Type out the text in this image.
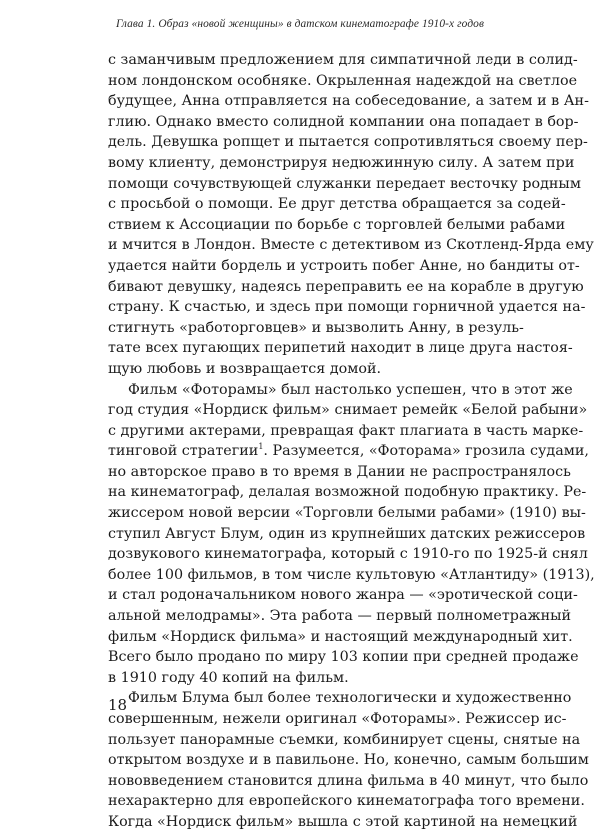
Глава 1. Образ «новой женщины» в датском кинематографе 1910-х годов
с заманчивым предложением для симпатичной леди в солид-
ном лондонском особняке. Окрыленная надеждой на светлое
будущее, Анна отправляется на собеседование, а затем и в Ан-
глию. Однако вместо солидной компании она попадает в бор-
дель. Девушка ропщет и пытается сопротивляться своему пер-
вому клиенту, демонстрируя недюжинную силу. А затем при
помощи сочувствующей служанки передает весточку родным
с просьбой о помощи. Ее друг детства обращается за содей-
ствием к Ассоциации по борьбе с торговлей белыми рабами
и мчится в Лондон. Вместе с детективом из Скотленд-Ярда ему
удается найти бордель и устроить побег Анне, но бандиты от-
бивают девушку, надеясь переправить ее на корабле в другую
страну. К счастью, и здесь при помощи горничной удается на-
стигнуть «работорговцев» и вызволить Анну, в резуль-
тате всех пугающих перипетий находит в лице друга настоя-
щую любовь и возвращается домой.
Фильм «Фоторамы» был настолько успешен, что в этот же
год студия «Нордиск фильм» снимает ремейк «Белой рабыни»
с другими актерами, превращая факт плагиата в часть маркe-
тинговой стратегии$^1$. Разумеется, «Фоторама» грозила судами,
но авторское право в то время в Дании не распространялось
на кинематограф, делалая возможной подобную практику. Ре-
жиссером новой версии «Торговли белыми рабами» (1910) вы-
ступил Август Блум, один из крупнейших датских режиссеров
дозвукового кинематографа, который с 1910-го по 1925-й снял
более 100 фильмов, в том числе культовую «Атлантиду» (1913),
и стал родоначальником нового жанра — «эротической соци-
альной мелодрамы». Эта работа — первый полнометражный
фильм «Нордиск фильма» и настоящий международный хит.
Всего было продано по миру 103 копии при средней продаже
в 1910 году 40 копий на фильм.
Фильм Блума был более технологически и художественно
совершенным, нежели оригинал «Фоторамы». Режиссер ис-
пользует панорамные съемки, комбинирует сцены, снятые на
открытом воздухе и в павильоне. Но, конечно, самым большим
нововведением становится длина фильма в 40 минут, что было
нехарактерно для европейского кинематографа того времени.
Когда «Нордиск фильм» вышла с этой картиной на немецкий
18
